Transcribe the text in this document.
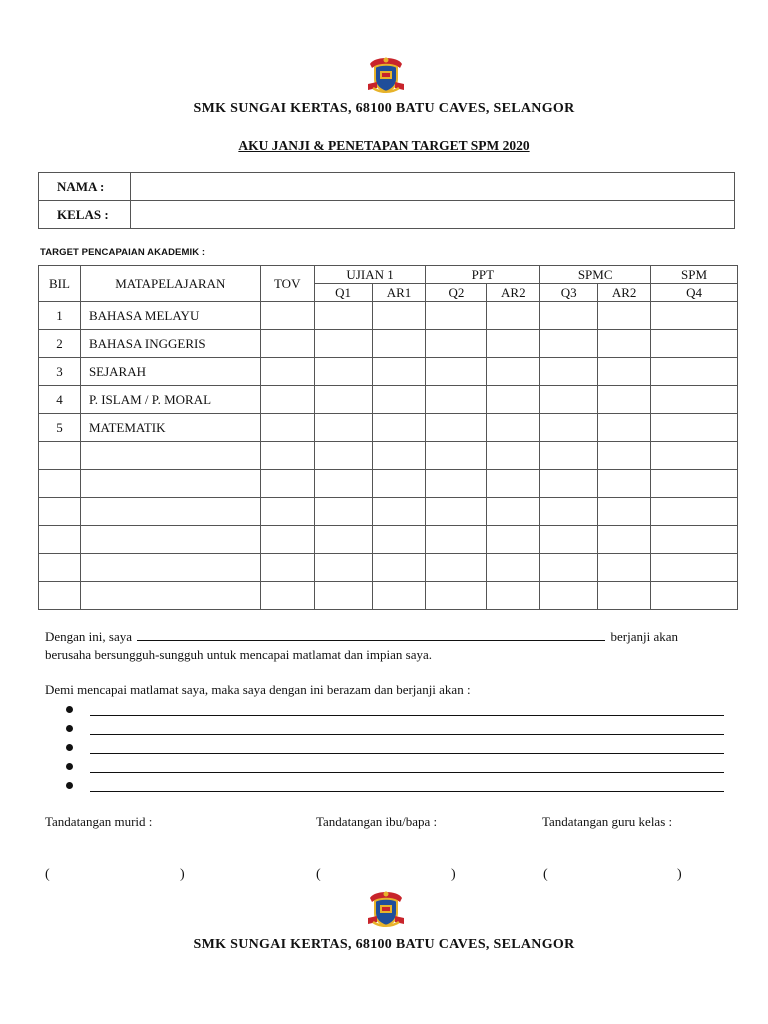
SMK SUNGAI KERTAS, 68100 BATU CAVES, SELANGOR
AKU JANJI & PENETAPAN TARGET SPM 2020
NAMA :	
KELAS :	
TARGET PENCAPAIAN AKADEMIK :
BIL	MATAPELAJARAN	TOV	UJIAN 1		PPT		SPMC		SPM
			Q1	AR1	Q2	AR2	Q3	AR2	Q4
1	BAHASA MELAYU								
2	BAHASA INGGERIS								
3	SEJARAH								
4	P. ISLAM / P. MORAL								
5	MATEMATIK								

Dengan ini, saya	berjanji akan
berusaha bersungguh-sungguh untuk mencapai matlamat dan impian saya.
Demi mencapai matlamat saya, maka saya dengan ini berazam dan berjanji akan :
Tandatangan murid :	Tandatangan ibu/bapa :	Tandatangan guru kelas :
(	)	(	)	(	)
SMK SUNGAI KERTAS, 68100 BATU CAVES, SELANGOR
